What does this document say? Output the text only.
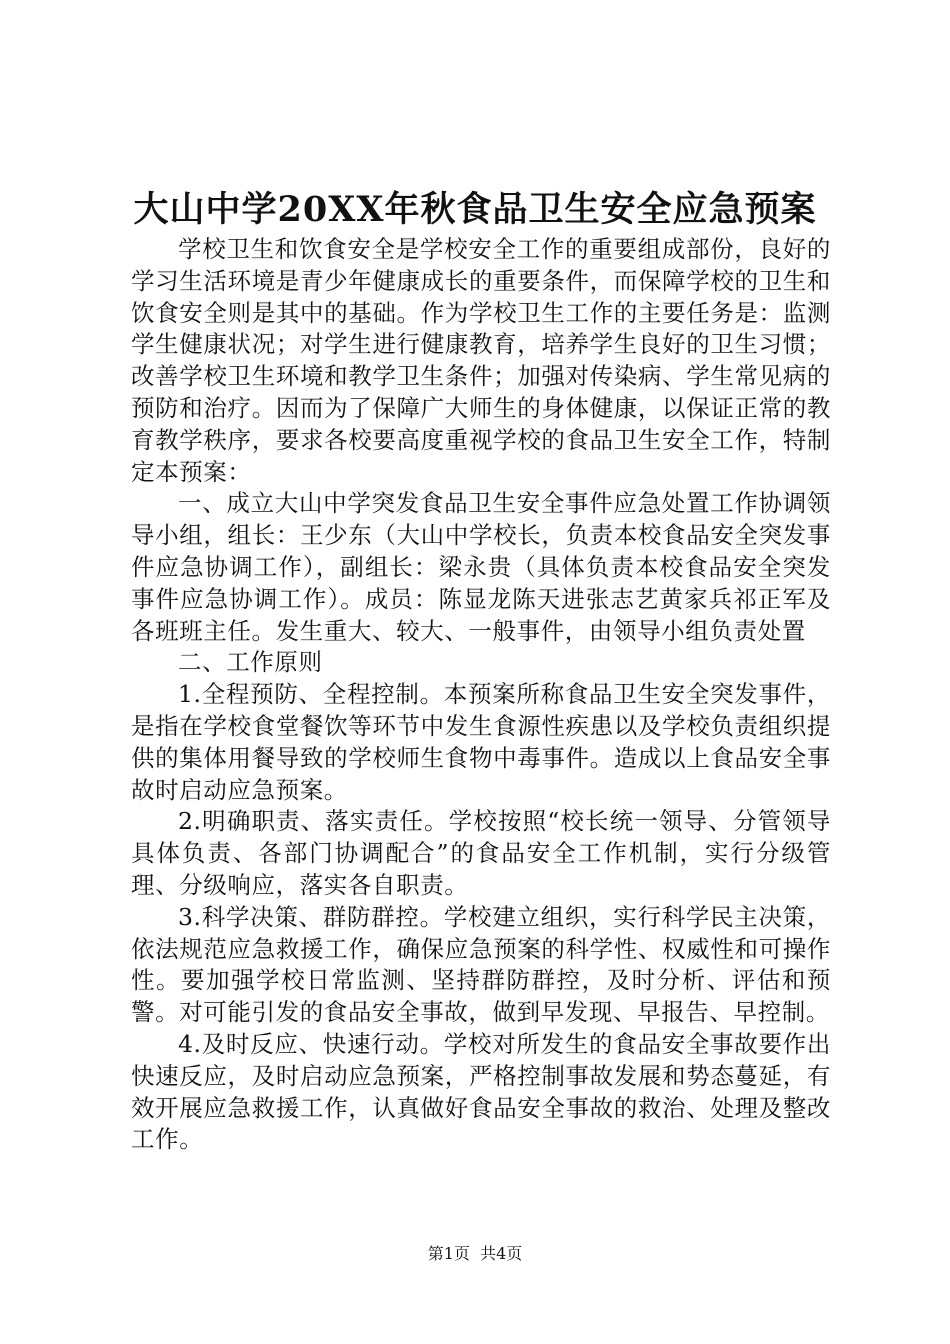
大山中学20XX年秋食品卫生安全应急预案

学校卫生和饮食安全是学校安全工作的重要组成部份，良好的学习生活环境是青少年健康成长的重要条件，而保障学校的卫生和饮食安全则是其中的基础。作为学校卫生工作的主要任务是：监测学生健康状况；对学生进行健康教育，培养学生良好的卫生习惯；改善学校卫生环境和教学卫生条件；加强对传染病、学生常见病的预防和治疗。因而为了保障广大师生的身体健康，以保证正常的教育教学秩序，要求各校要高度重视学校的食品卫生安全工作，特制定本预案：

一、成立大山中学突发食品卫生安全事件应急处置工作协调领导小组，组长：王少东（大山中学校长，负责本校食品安全突发事件应急协调工作），副组长：梁永贵（具体负责本校食品安全突发事件应急协调工作）。成员：陈显龙陈天进张志艺黄家兵祁正军及各班班主任。发生重大、较大、一般事件，由领导小组负责处置

二、工作原则

1.全程预防、全程控制。本预案所称食品卫生安全突发事件，是指在学校食堂餐饮等环节中发生食源性疾患以及学校负责组织提供的集体用餐导致的学校师生食物中毒事件。造成以上食品安全事故时启动应急预案。

2.明确职责、落实责任。学校按照“校长统一领导、分管领导具体负责、各部门协调配合”的食品安全工作机制，实行分级管理、分级响应，落实各自职责。

3.科学决策、群防群控。学校建立组织，实行科学民主决策，依法规范应急救援工作，确保应急预案的科学性、权威性和可操作性。要加强学校日常监测、坚持群防群控，及时分析、评估和预警。对可能引发的食品安全事故，做到早发现、早报告、早控制。

4.及时反应、快速行动。学校对所发生的食品安全事故要作出快速反应，及时启动应急预案，严格控制事故发展和势态蔓延，有效开展应急救援工作，认真做好食品安全事故的救治、处理及整改工作。

第1页 共4页
